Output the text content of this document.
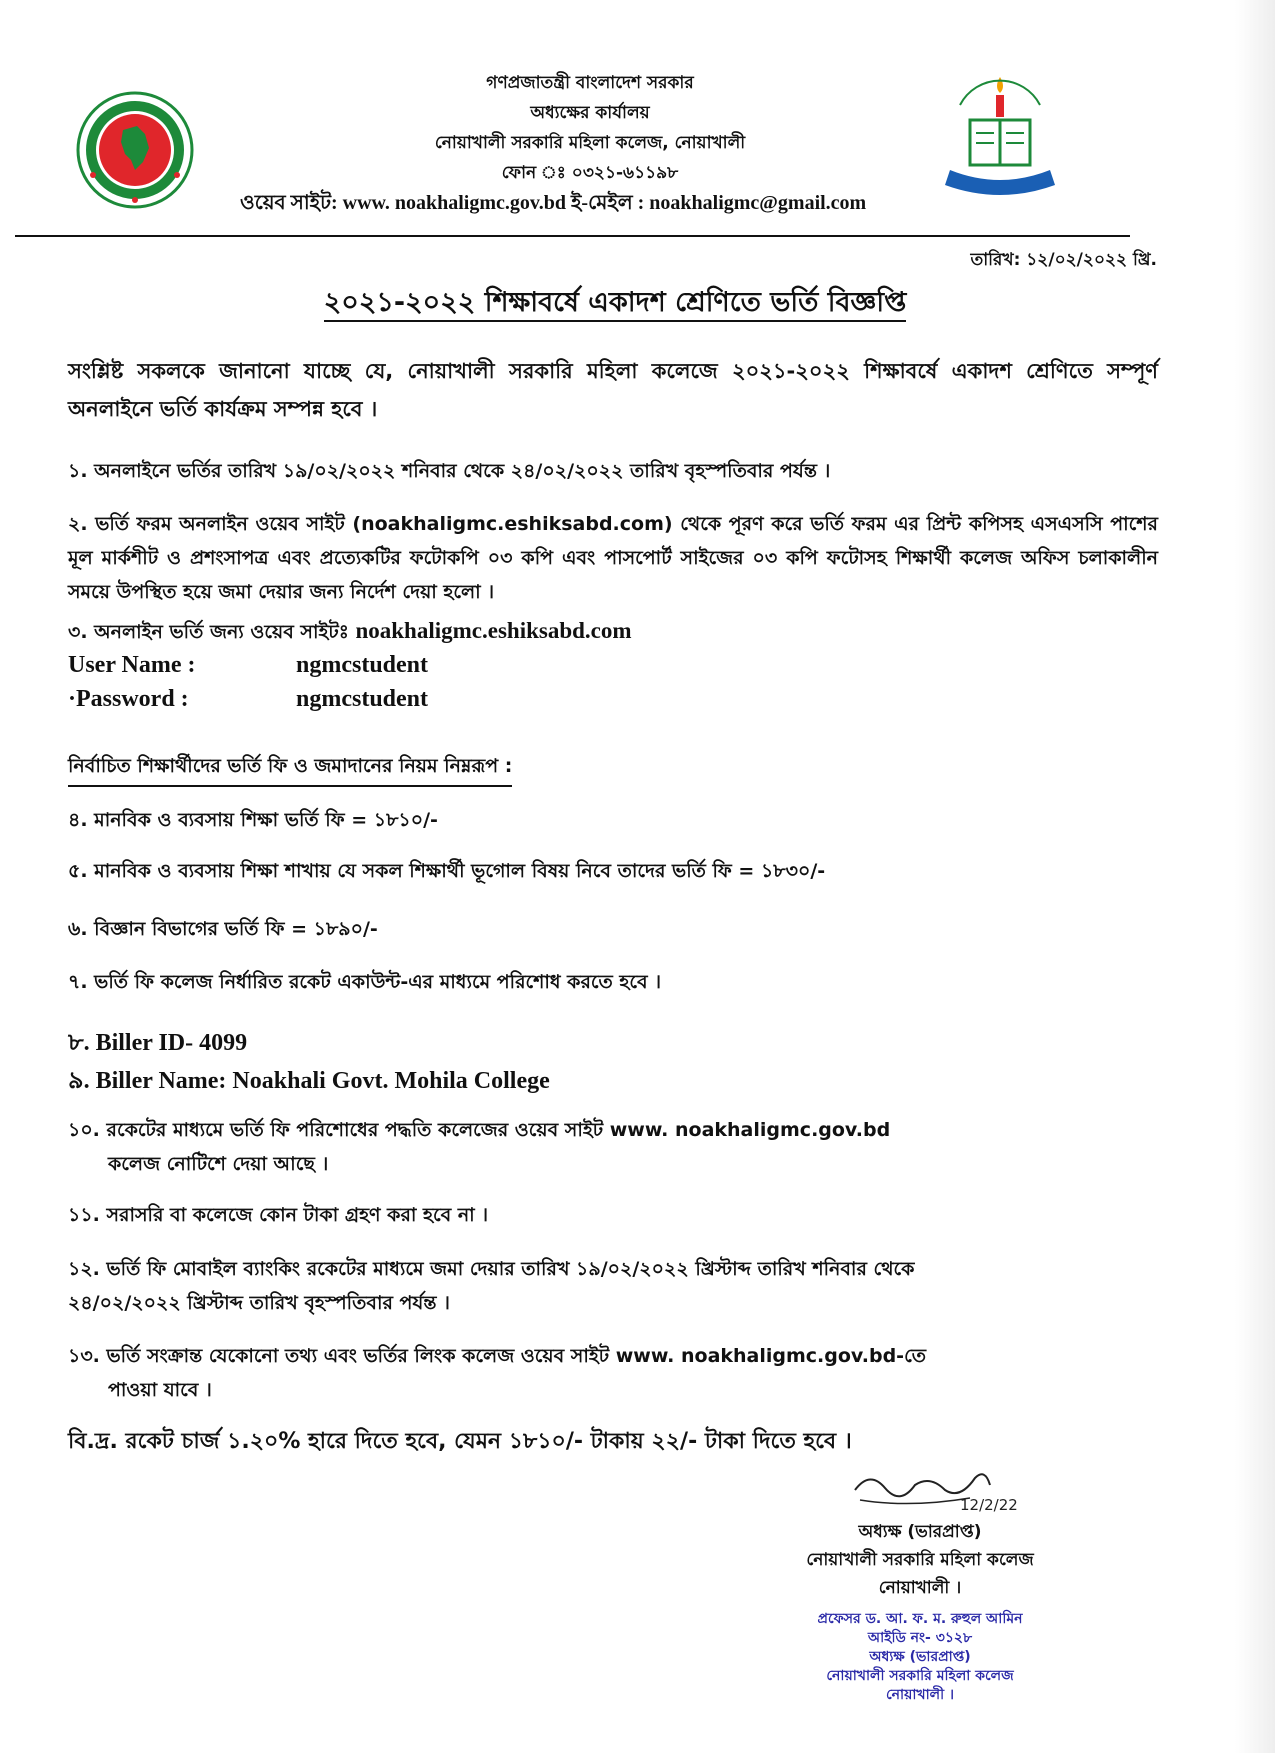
গণপ্রজাতন্ত্রী বাংলাদেশ সরকার
অধ্যক্ষের কার্যালয়
নোয়াখালী সরকারি মহিলা কলেজ, নোয়াখালী
ফোন ঃ ০৩২১-৬১১৯৮
ওয়েব সাইট: www. noakhaligmc.gov.bd ই-মেইল : noakhaligmc@gmail.com
তারিখ: ১২/০২/২০২২ খ্রি.
২০২১-২০২২ শিক্ষাবর্ষে একাদশ শ্রেণিতে ভর্তি বিজ্ঞপ্তি
সংশ্লিষ্ট সকলকে জানানো যাচ্ছে যে, নোয়াখালী সরকারি মহিলা কলেজে ২০২১-২০২২ শিক্ষাবর্ষে একাদশ শ্রেণিতে সম্পূর্ণ অনলাইনে ভর্তি কার্যক্রম সম্পন্ন হবে ।
১. অনলাইনে ভর্তির তারিখ ১৯/০২/২০২২ শনিবার থেকে ২৪/০২/২০২২ তারিখ বৃহস্পতিবার পর্যন্ত ।
২. ভর্তি ফরম অনলাইন ওয়েব সাইট (noakhaligmc.eshiksabd.com) থেকে পূরণ করে ভর্তি ফরম এর প্রিন্ট কপিসহ এসএসসি পাশের মূল মার্কশীট ও প্রশংসাপত্র এবং প্রত্যেকটির ফটোকপি ০৩ কপি এবং পাসপোর্ট সাইজের ০৩ কপি ফটোসহ শিক্ষার্থী কলেজ অফিস চলাকালীন সময়ে উপস্থিত হয়ে জমা দেয়ার জন্য নির্দেশ দেয়া হলো ।
৩. অনলাইন ভর্তি জন্য ওয়েব সাইটঃ noakhaligmc.eshiksabd.com
User Name :	ngmcstudent
·Password :	ngmcstudent
নির্বাচিত শিক্ষার্থীদের ভর্তি ফি ও জমাদানের নিয়ম নিম্নরূপ :
৪. মানবিক ও ব্যবসায় শিক্ষা ভর্তি ফি = ১৮১০/-
৫. মানবিক ও ব্যবসায় শিক্ষা শাখায় যে সকল শিক্ষার্থী ভূগোল বিষয় নিবে তাদের ভর্তি ফি = ১৮৩০/-
৬. বিজ্ঞান বিভাগের ভর্তি ফি = ১৮৯০/-
৭. ভর্তি ফি কলেজ নির্ধারিত রকেট একাউন্ট-এর মাধ্যমে পরিশোধ করতে হবে ।
৮. Biller ID- 4099
৯. Biller Name: Noakhali Govt. Mohila College
১০. রকেটের মাধ্যমে ভর্তি ফি পরিশোধের পদ্ধতি কলেজের ওয়েব সাইট www. noakhaligmc.gov.bd
কলেজ নোটিশে দেয়া আছে ।
১১. সরাসরি বা কলেজে কোন টাকা গ্রহণ করা হবে না ।
১২. ভর্তি ফি মোবাইল ব্যাংকিং রকেটের মাধ্যমে জমা দেয়ার তারিখ ১৯/০২/২০২২ খ্রিস্টাব্দ তারিখ শনিবার থেকে
২৪/০২/২০২২ খ্রিস্টাব্দ তারিখ বৃহস্পতিবার পর্যন্ত ।
১৩. ভর্তি সংক্রান্ত যেকোনো তথ্য এবং ভর্তির লিংক কলেজ ওয়েব সাইট www. noakhaligmc.gov.bd-তে
পাওয়া যাবে ।
বি.দ্র. রকেট চার্জ ১.২০% হারে দিতে হবে, যেমন ১৮১০/- টাকায় ২২/- টাকা দিতে হবে ।
12/2/22
অধ্যক্ষ (ভারপ্রাপ্ত)
নোয়াখালী সরকারি মহিলা কলেজ
নোয়াখালী ।
প্রফেসর ড. আ. ফ. ম. রুহুল আমিন
আইডি নং- ৩১২৮
অধ্যক্ষ (ভারপ্রাপ্ত)
নোয়াখালী সরকারি মহিলা কলেজ
নোয়াখালী ।
